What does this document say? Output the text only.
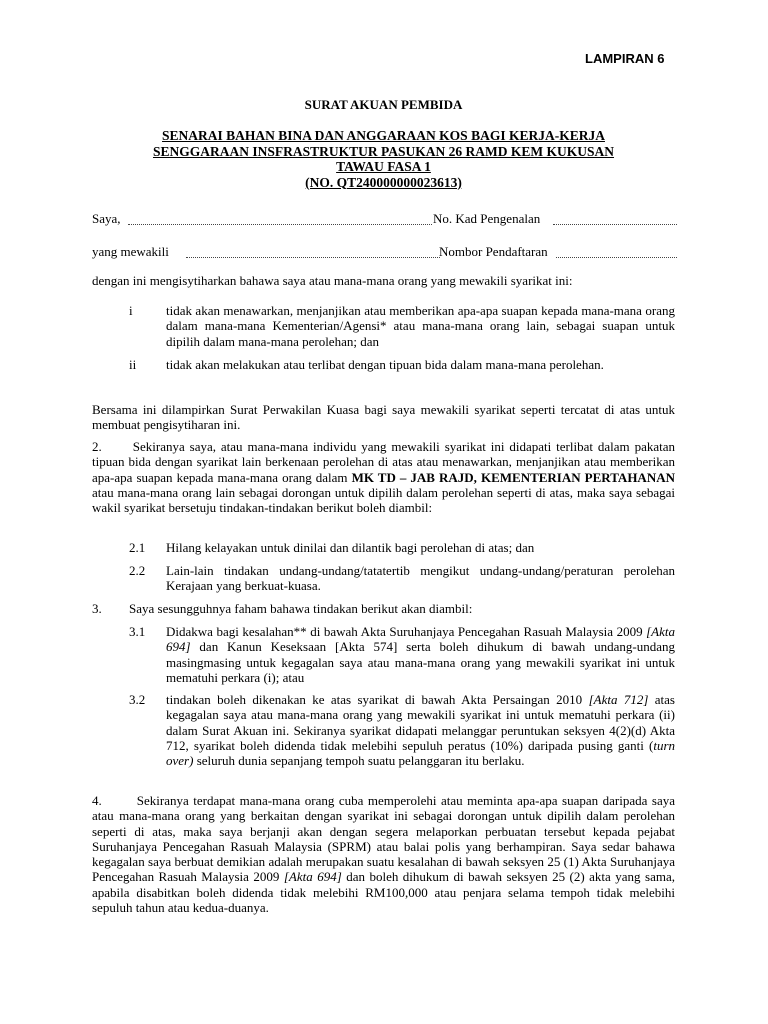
LAMPIRAN 6
SURAT AKUAN PEMBIDA
SENARAI BAHAN BINA DAN ANGGARAAN KOS BAGI KERJA-KERJA
SENGGARAAN INSFRASTRUKTUR PASUKAN 26 RAMD KEM KUKUSAN
TAWAU FASA 1
(NO. QT240000000023613)
Saya,	No. Kad Pengenalan
yang mewakili	Nombor Pendaftaran
dengan ini mengisytiharkan bahawa saya atau mana-mana orang yang mewakili syarikat ini:
i	tidak akan menawarkan, menjanjikan atau memberikan apa-apa suapan kepada mana-mana orang dalam mana-mana Kementerian/Agensi* atau mana-mana orang lain, sebagai suapan untuk dipilih dalam mana-mana perolehan; dan
ii tidak akan melakukan atau terlibat dengan tipuan bida dalam mana-mana perolehan.
Bersama ini dilampirkan Surat Perwakilan Kuasa bagi saya mewakili syarikat seperti tercatat di atas untuk membuat pengisytiharan ini.
2. Sekiranya saya, atau mana-mana individu yang mewakili syarikat ini didapati terlibat dalam pakatan tipuan bida dengan syarikat lain berkenaan perolehan di atas atau menawarkan, menjanjikan atau memberikan apa-apa suapan kepada mana-mana orang dalam MK TD – JAB RAJD, KEMENTERIAN PERTAHANAN atau mana-mana orang lain sebagai dorongan untuk dipilih dalam perolehan seperti di atas, maka saya sebagai wakil syarikat bersetuju tindakan-tindakan berikut boleh diambil:
2.1 Hilang kelayakan untuk dinilai dan dilantik bagi perolehan di atas; dan
2.2 Lain-lain tindakan undang-undang/tatatertib mengikut undang-undang/peraturan perolehan Kerajaan yang berkuat-kuasa.
3. Saya sesungguhnya faham bahawa tindakan berikut akan diambil:
3.1 Didakwa bagi kesalahan** di bawah Akta Suruhanjaya Pencegahan Rasuah Malaysia 2009 [Akta 694] dan Kanun Keseksaan [Akta 574] serta boleh dihukum di bawah undang-undang masingmasing untuk kegagalan saya atau mana-mana orang yang mewakili syarikat ini untuk mematuhi perkara (i); atau
3.2 tindakan boleh dikenakan ke atas syarikat di bawah Akta Persaingan 2010 [Akta 712] atas kegagalan saya atau mana-mana orang yang mewakili syarikat ini untuk mematuhi perkara (ii) dalam Surat Akuan ini. Sekiranya syarikat didapati melanggar peruntukan seksyen 4(2)(d) Akta 712, syarikat boleh didenda tidak melebihi sepuluh peratus (10%) daripada pusing ganti (turn over) seluruh dunia sepanjang tempoh suatu pelanggaran itu berlaku.
4.	Sekiranya terdapat mana-mana orang cuba memperolehi atau meminta apa-apa suapan daripada saya atau mana-mana orang yang berkaitan dengan syarikat ini sebagai dorongan untuk dipilih dalam perolehan seperti di atas, maka saya berjanji akan dengan segera melaporkan perbuatan tersebut kepada pejabat Suruhanjaya Pencegahan Rasuah Malaysia (SPRM) atau balai polis yang berhampiran. Saya sedar bahawa kegagalan saya berbuat demikian adalah merupakan suatu kesalahan di bawah seksyen 25 (1) Akta Suruhanjaya Pencegahan Rasuah Malaysia 2009 [Akta 694] dan boleh dihukum di bawah seksyen 25 (2) akta yang sama, apabila disabitkan boleh didenda tidak melebihi RM100,000 atau penjara selama tempoh tidak melebihi sepuluh tahun atau kedua-duanya.
